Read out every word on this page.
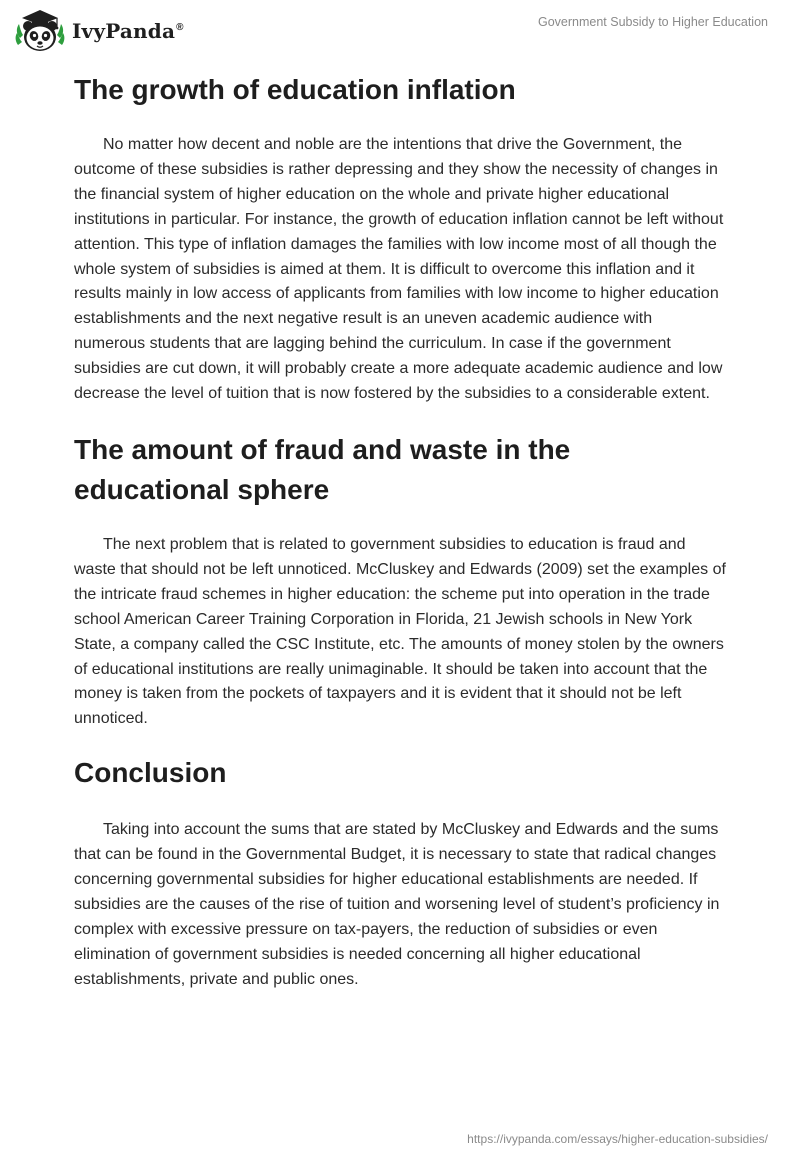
IvyPanda®	Government Subsidy to Higher Education
The growth of education inflation

No matter how decent and noble are the intentions that drive the Government, the outcome of these subsidies is rather depressing and they show the necessity of changes in the financial system of higher education on the whole and private higher educational institutions in particular. For instance, the growth of education inflation cannot be left without attention. This type of inflation damages the families with low income most of all though the whole system of subsidies is aimed at them. It is difficult to overcome this inflation and it results mainly in low access of applicants from families with low income to higher education establishments and the next negative result is an uneven academic audience with numerous students that are lagging behind the curriculum. In case if the government subsidies are cut down, it will probably create a more adequate academic audience and low decrease the level of tuition that is now fostered by the subsidies to a considerable extent.

The amount of fraud and waste in the educational sphere

The next problem that is related to government subsidies to education is fraud and waste that should not be left unnoticed. McCluskey and Edwards (2009) set the examples of the intricate fraud schemes in higher education: the scheme put into operation in the trade school American Career Training Corporation in Florida, 21 Jewish schools in New York State, a company called the CSC Institute, etc. The amounts of money stolen by the owners of educational institutions are really unimaginable. It should be taken into account that the money is taken from the pockets of taxpayers and it is evident that it should not be left unnoticed.

Conclusion

Taking into account the sums that are stated by McCluskey and Edwards and the sums that can be found in the Governmental Budget, it is necessary to state that radical changes concerning governmental subsidies for higher educational establishments are needed. If subsidies are the causes of the rise of tuition and worsening level of student’s proficiency in complex with excessive pressure on tax-payers, the reduction of subsidies or even elimination of government subsidies is needed concerning all higher educational establishments, private and public ones.

https://ivypanda.com/essays/higher-education-subsidies/
